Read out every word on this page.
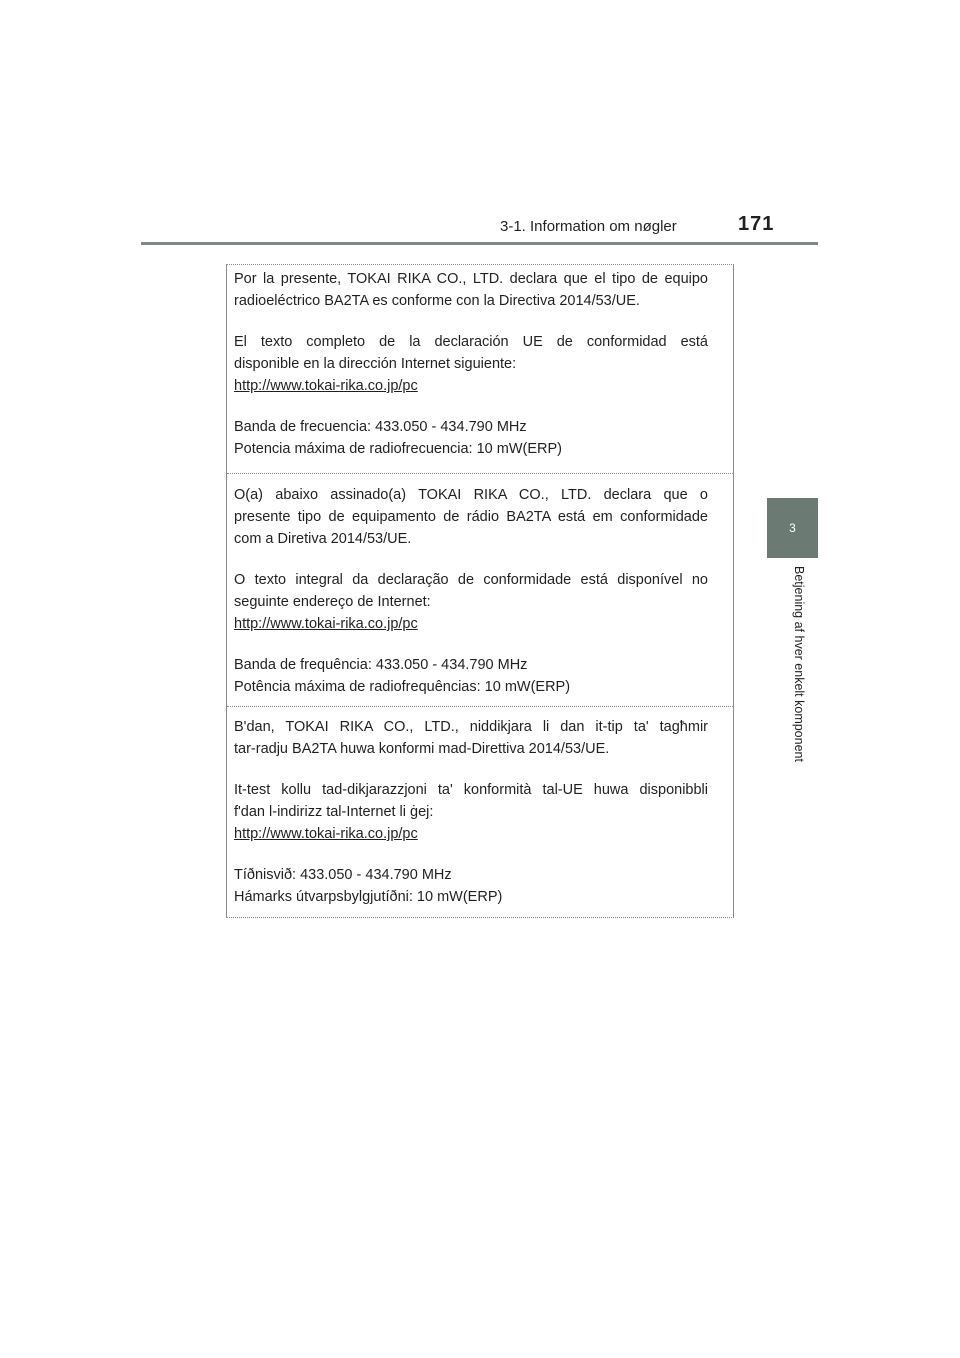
3-1. Information om nøgler	171
3
Betjening af hver enkelt komponent

Por la presente, TOKAI RIKA CO., LTD. declara que el tipo de equipo
radioeléctrico BA2TA es conforme con la Directiva 2014/53/UE.

El texto completo de la declaración UE de conformidad está
disponible en la dirección Internet siguiente:
http://www.tokai-rika.co.jp/pc

Banda de frecuencia: 433.050 - 434.790 MHz
Potencia máxima de radiofrecuencia: 10 mW(ERP)

O(a) abaixo assinado(a) TOKAI RIKA CO., LTD. declara que o
presente tipo de equipamento de rádio BA2TA está em conformidade
com a Diretiva 2014/53/UE.

O texto integral da declaração de conformidade está disponível no
seguinte endereço de Internet:
http://www.tokai-rika.co.jp/pc

Banda de frequência: 433.050 - 434.790 MHz
Potência máxima de radiofrequências: 10 mW(ERP)

B'dan, TOKAI RIKA CO., LTD., niddikjara li dan it-tip ta' tagħmir
tar-radju BA2TA huwa konformi mad-Direttiva 2014/53/UE.

It-test kollu tad-dikjarazzjoni ta' konformità tal-UE huwa disponibbli
f'dan l-indirizz tal-Internet li ġej:
http://www.tokai-rika.co.jp/pc

Tíðnisvið: 433.050 - 434.790 MHz
Hámarks útvarpsbylgjutíðni: 10 mW(ERP)
